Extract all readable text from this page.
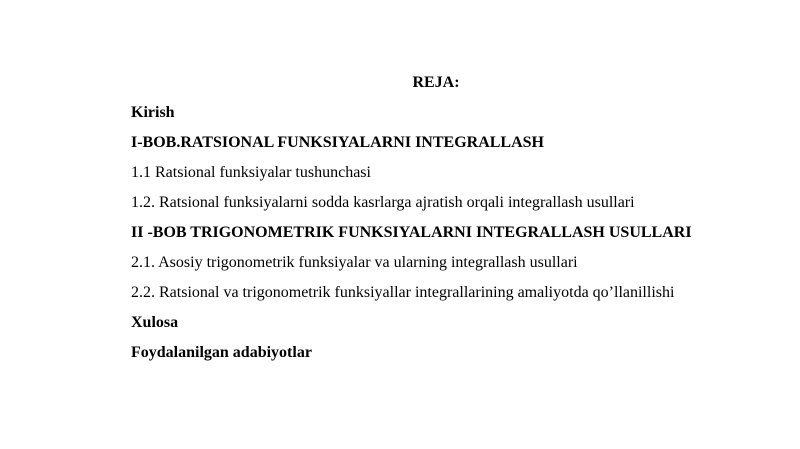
REJA:
Kirish
I-BOB.RATSIONAL FUNKSIYALARNI INTEGRALLASH
1.1 Ratsional funksiyalar tushunchasi
1.2. Ratsional funksiyalarni sodda kasrlarga ajratish orqali integrallash usullari
II -BOB TRIGONOMETRIK FUNKSIYALARNI INTEGRALLASH USULLARI
2.1. Asosiy trigonometrik funksiyalar va ularning integrallash usullari
2.2. Ratsional va trigonometrik funksiyallar integrallarining amaliyotda qo’llanillishi
Xulosa
Foydalanilgan adabiyotlar
